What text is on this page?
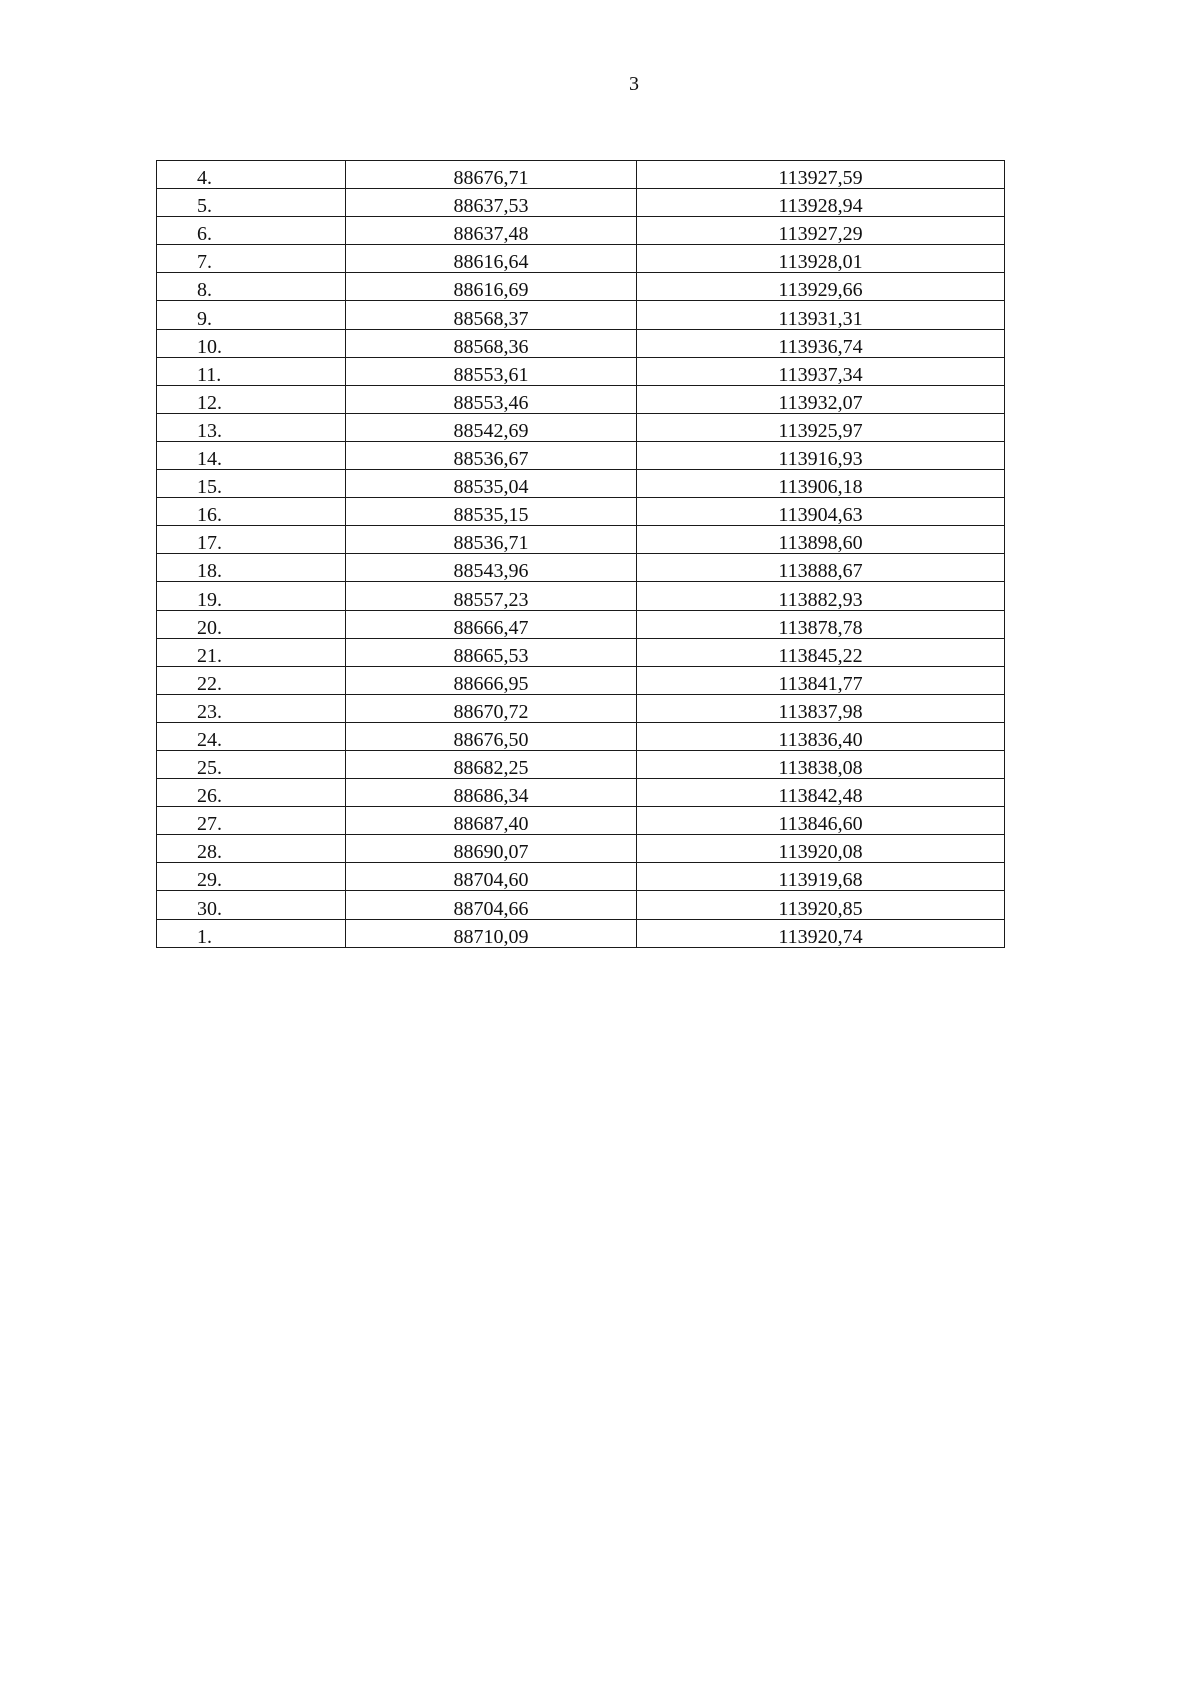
3
4.	88676,71	113927,59
5.	88637,53	113928,94
6.	88637,48	113927,29
7.	88616,64	113928,01
8.	88616,69	113929,66
9.	88568,37	113931,31
10.	88568,36	113936,74
11.	88553,61	113937,34
12.	88553,46	113932,07
13.	88542,69	113925,97
14.	88536,67	113916,93
15.	88535,04	113906,18
16.	88535,15	113904,63
17.	88536,71	113898,60
18.	88543,96	113888,67
19.	88557,23	113882,93
20.	88666,47	113878,78
21.	88665,53	113845,22
22.	88666,95	113841,77
23.	88670,72	113837,98
24.	88676,50	113836,40
25.	88682,25	113838,08
26.	88686,34	113842,48
27.	88687,40	113846,60
28.	88690,07	113920,08
29.	88704,60	113919,68
30.	88704,66	113920,85
1.	88710,09	113920,74
